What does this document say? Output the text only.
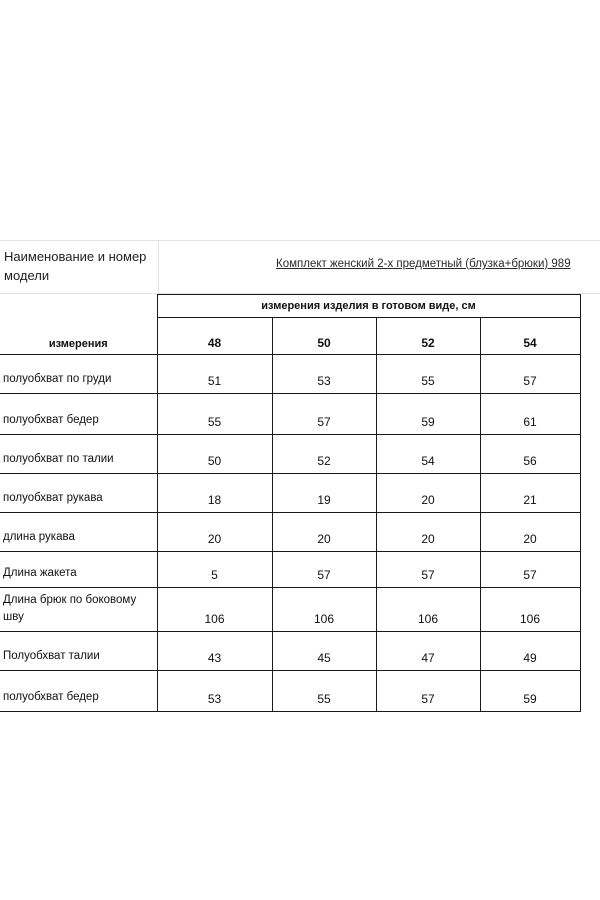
Наименование и номер модели
Комплект женский 2-х предметный (блузка+брюки) 989
измерения	измерения изделия в готовом виде, см			
	48	50	52	54
полуобхват по груди	51	53	55	57
полуобхват бедер	55	57	59	61
полуобхват по талии	50	52	54	56
полуобхват рукава	18	19	20	21
длина рукава	20	20	20	20
Длина жакета	5	57	57	57
Длина брюк по боковому шву	106	106	106	106
Полуобхват талии	43	45	47	49
полуобхват бедер	53	55	57	59
